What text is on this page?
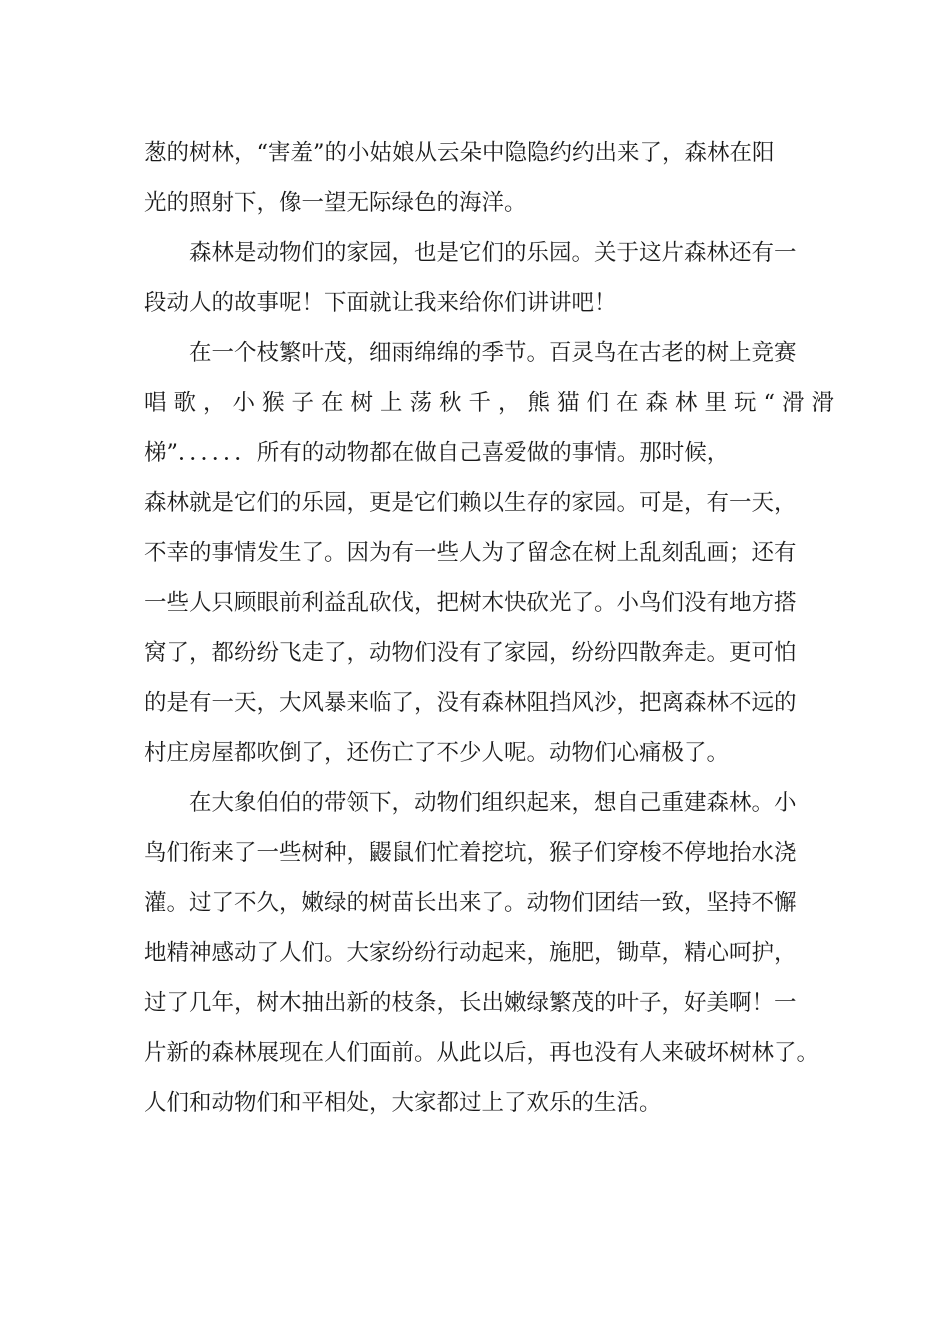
葱的树林，“害羞”的小姑娘从云朵中隐隐约约出来了，森林在阳
光的照射下，像一望无际绿色的海洋。
森林是动物们的家园，也是它们的乐园。关于这片森林还有一
段动人的故事呢！下面就让我来给你们讲讲吧！
在一个枝繁叶茂，细雨绵绵的季节。百灵鸟在古老的树上竞赛
唱歌，小猴子在树上荡秋千，熊猫们在森林里玩“滑滑
梯”．．．．．．所有的动物都在做自己喜爱做的事情。那时候，
森林就是它们的乐园，更是它们赖以生存的家园。可是，有一天，
不幸的事情发生了。因为有一些人为了留念在树上乱刻乱画；还有
一些人只顾眼前利益乱砍伐，把树木快砍光了。小鸟们没有地方搭
窝了，都纷纷飞走了，动物们没有了家园，纷纷四散奔走。更可怕
的是有一天，大风暴来临了，没有森林阻挡风沙，把离森林不远的
村庄房屋都吹倒了，还伤亡了不少人呢。动物们心痛极了。
在大象伯伯的带领下，动物们组织起来，想自己重建森林。小
鸟们衔来了一些树种，鼹鼠们忙着挖坑，猴子们穿梭不停地抬水浇
灌。过了不久，嫩绿的树苗长出来了。动物们团结一致，坚持不懈
地精神感动了人们。大家纷纷行动起来，施肥，锄草，精心呵护，
过了几年，树木抽出新的枝条，长出嫩绿繁茂的叶子，好美啊！一
片新的森林展现在人们面前。从此以后，再也没有人来破坏树林了。
人们和动物们和平相处，大家都过上了欢乐的生活。
